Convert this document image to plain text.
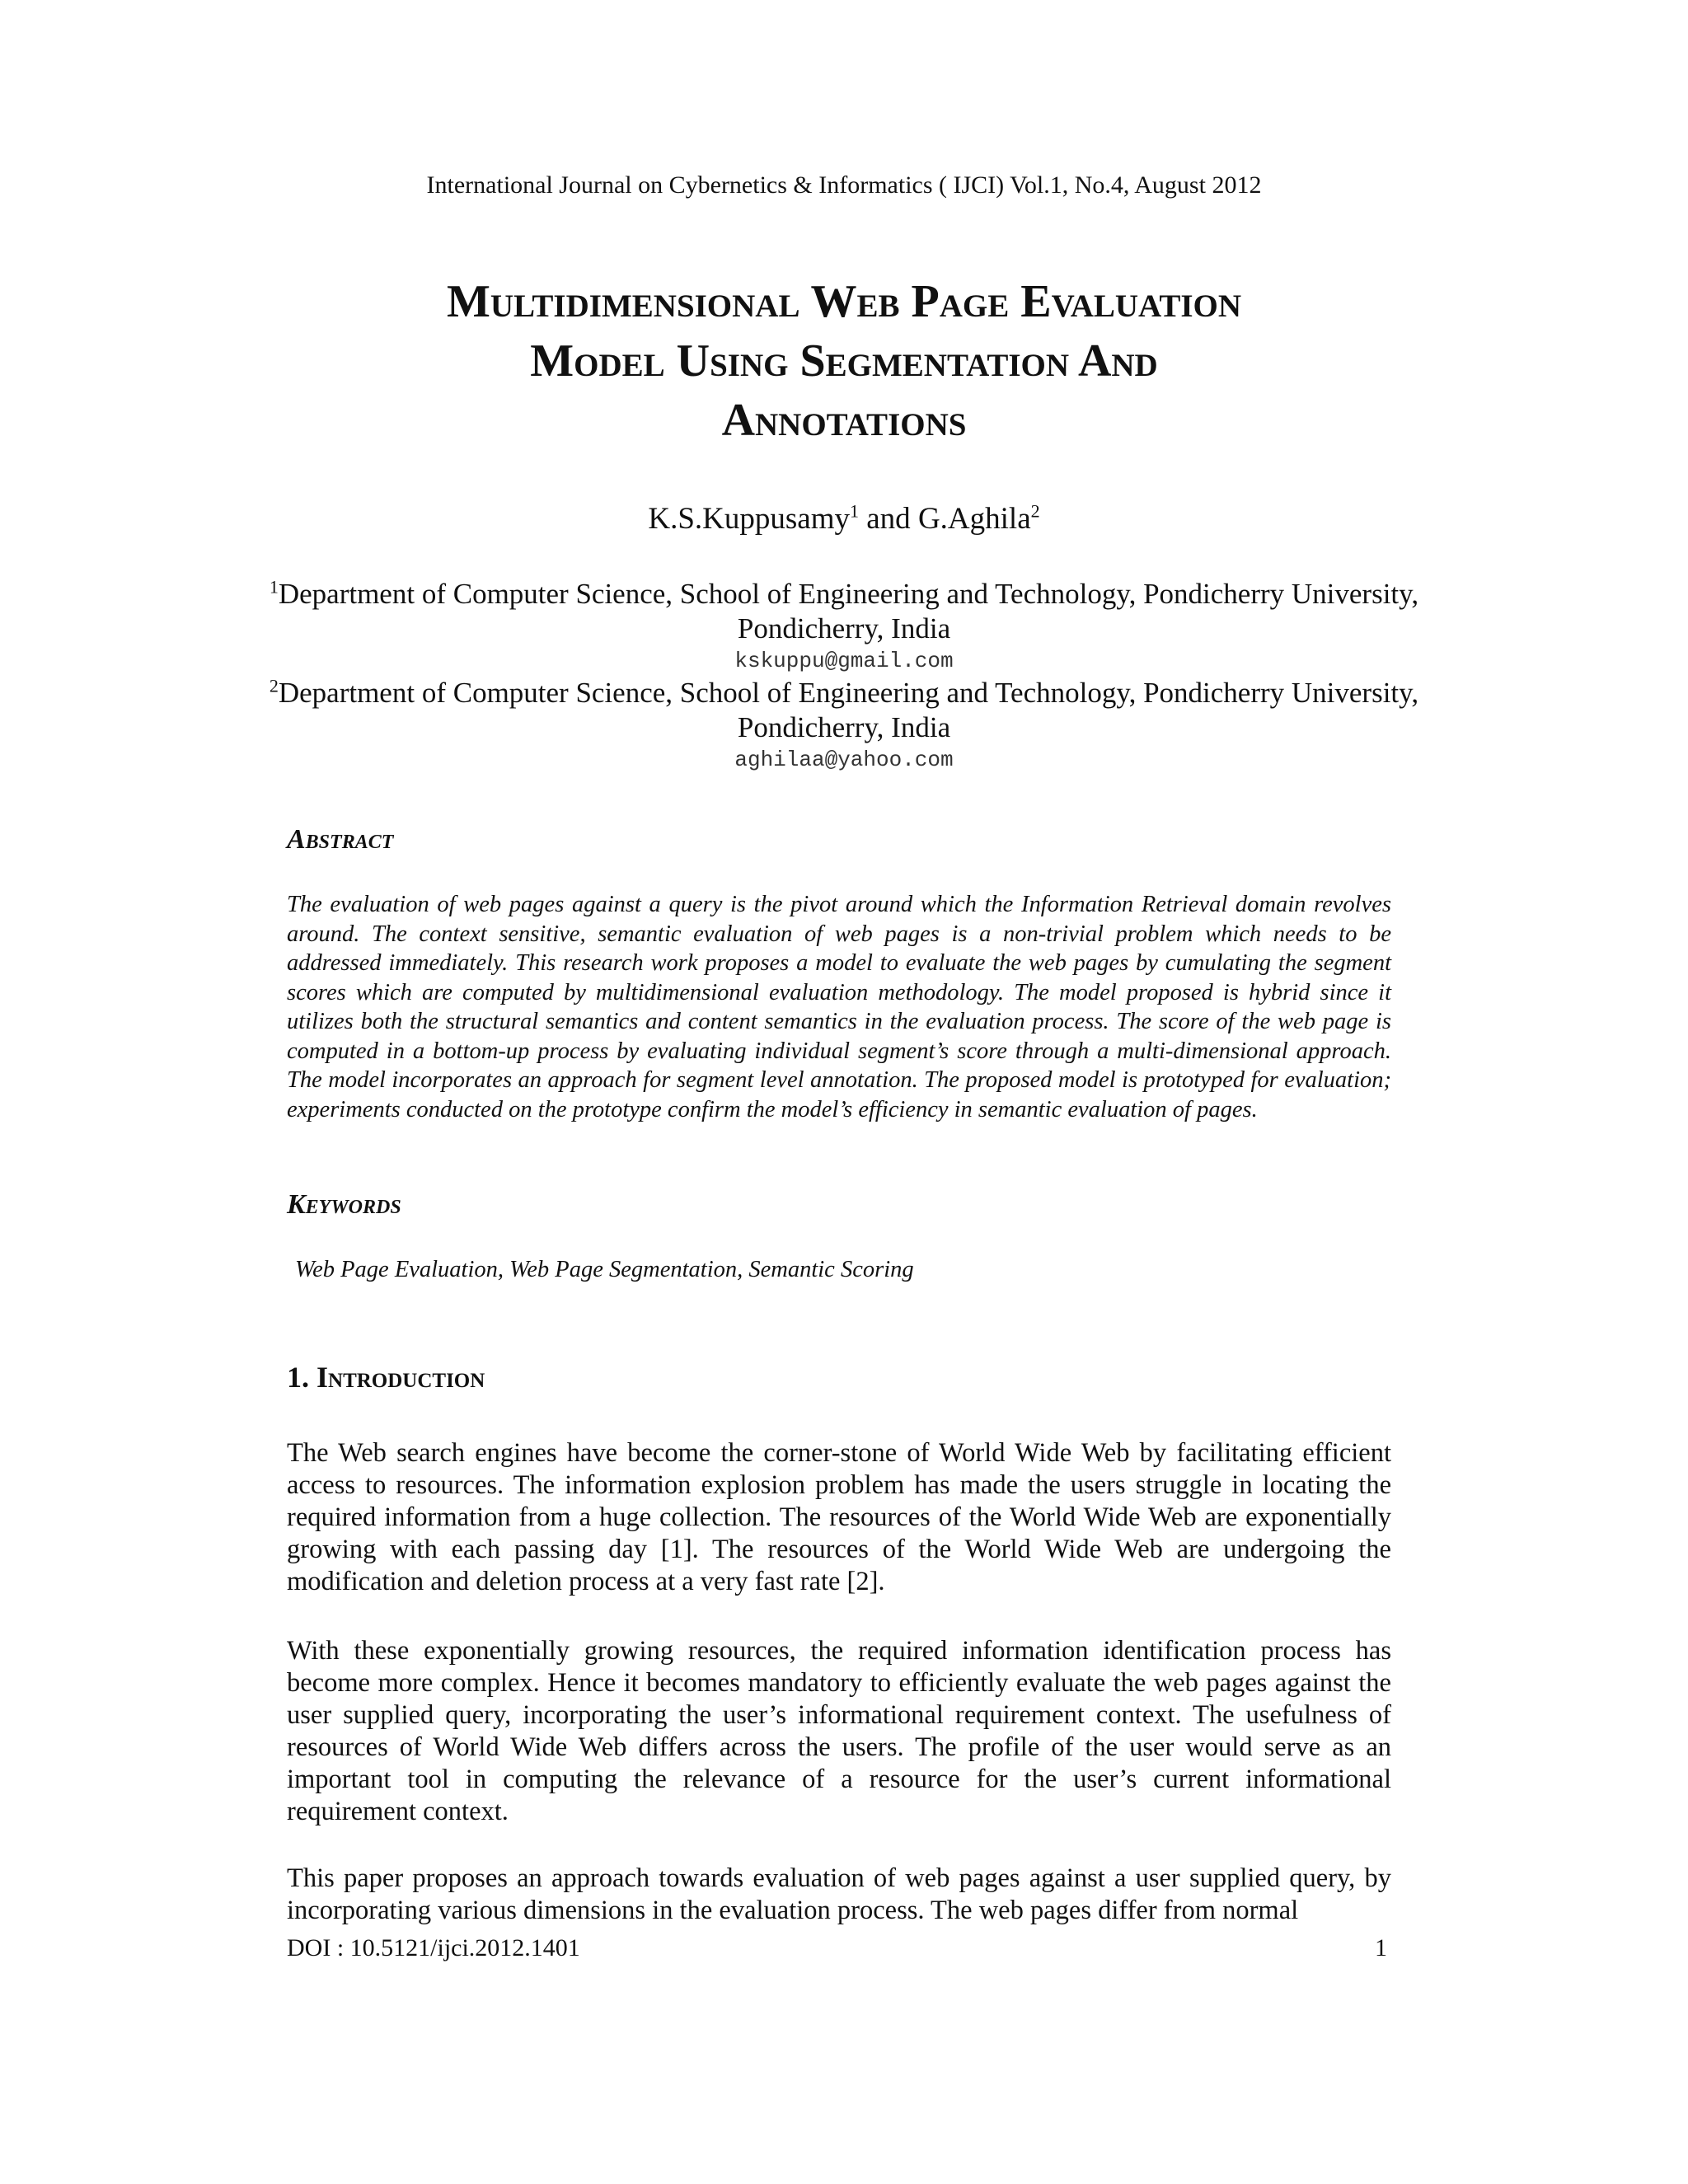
International Journal on Cybernetics & Informatics ( IJCI) Vol.1, No.4, August 2012
Multidimensional Web Page Evaluation
Model Using Segmentation And
Annotations
K.S.Kuppusamy$^1$ and G.Aghila$^2$
$^1$Department of Computer Science, School of Engineering and Technology, Pondicherry University, Pondicherry, India
kskuppu@gmail.com
$^2$Department of Computer Science, School of Engineering and Technology, Pondicherry University, Pondicherry, India
aghilaa@yahoo.com
Abstract
The evaluation of web pages against a query is the pivot around which the Information Retrieval domain revolves around. The context sensitive, semantic evaluation of web pages is a non-trivial problem which needs to be addressed immediately. This research work proposes a model to evaluate the web pages by cumulating the segment scores which are computed by multidimensional evaluation methodology. The model proposed is hybrid since it utilizes both the structural semantics and content semantics in the evaluation process. The score of the web page is computed in a bottom-up process by evaluating individual segment’s score through a multi-dimensional approach. The model incorporates an approach for segment level annotation. The proposed model is prototyped for evaluation; experiments conducted on the prototype confirm the model’s efficiency in semantic evaluation of pages.
Keywords
Web Page Evaluation, Web Page Segmentation, Semantic Scoring
1. Introduction
The Web search engines have become the corner-stone of World Wide Web by facilitating efficient access to resources. The information explosion problem has made the users struggle in locating the required information from a huge collection. The resources of the World Wide Web are exponentially growing with each passing day [1]. The resources of the World Wide Web are undergoing the modification and deletion process at a very fast rate [2].
With these exponentially growing resources, the required information identification process has become more complex. Hence it becomes mandatory to efficiently evaluate the web pages against the user supplied query, incorporating the user’s informational requirement context. The usefulness of resources of World Wide Web differs across the users. The profile of the user would serve as an important tool in computing the relevance of a resource for the user’s current informational requirement context.
This paper proposes an approach towards evaluation of web pages against a user supplied query, by incorporating various dimensions in the evaluation process. The web pages differ from normal
DOI : 10.5121/ijci.2012.1401	1
